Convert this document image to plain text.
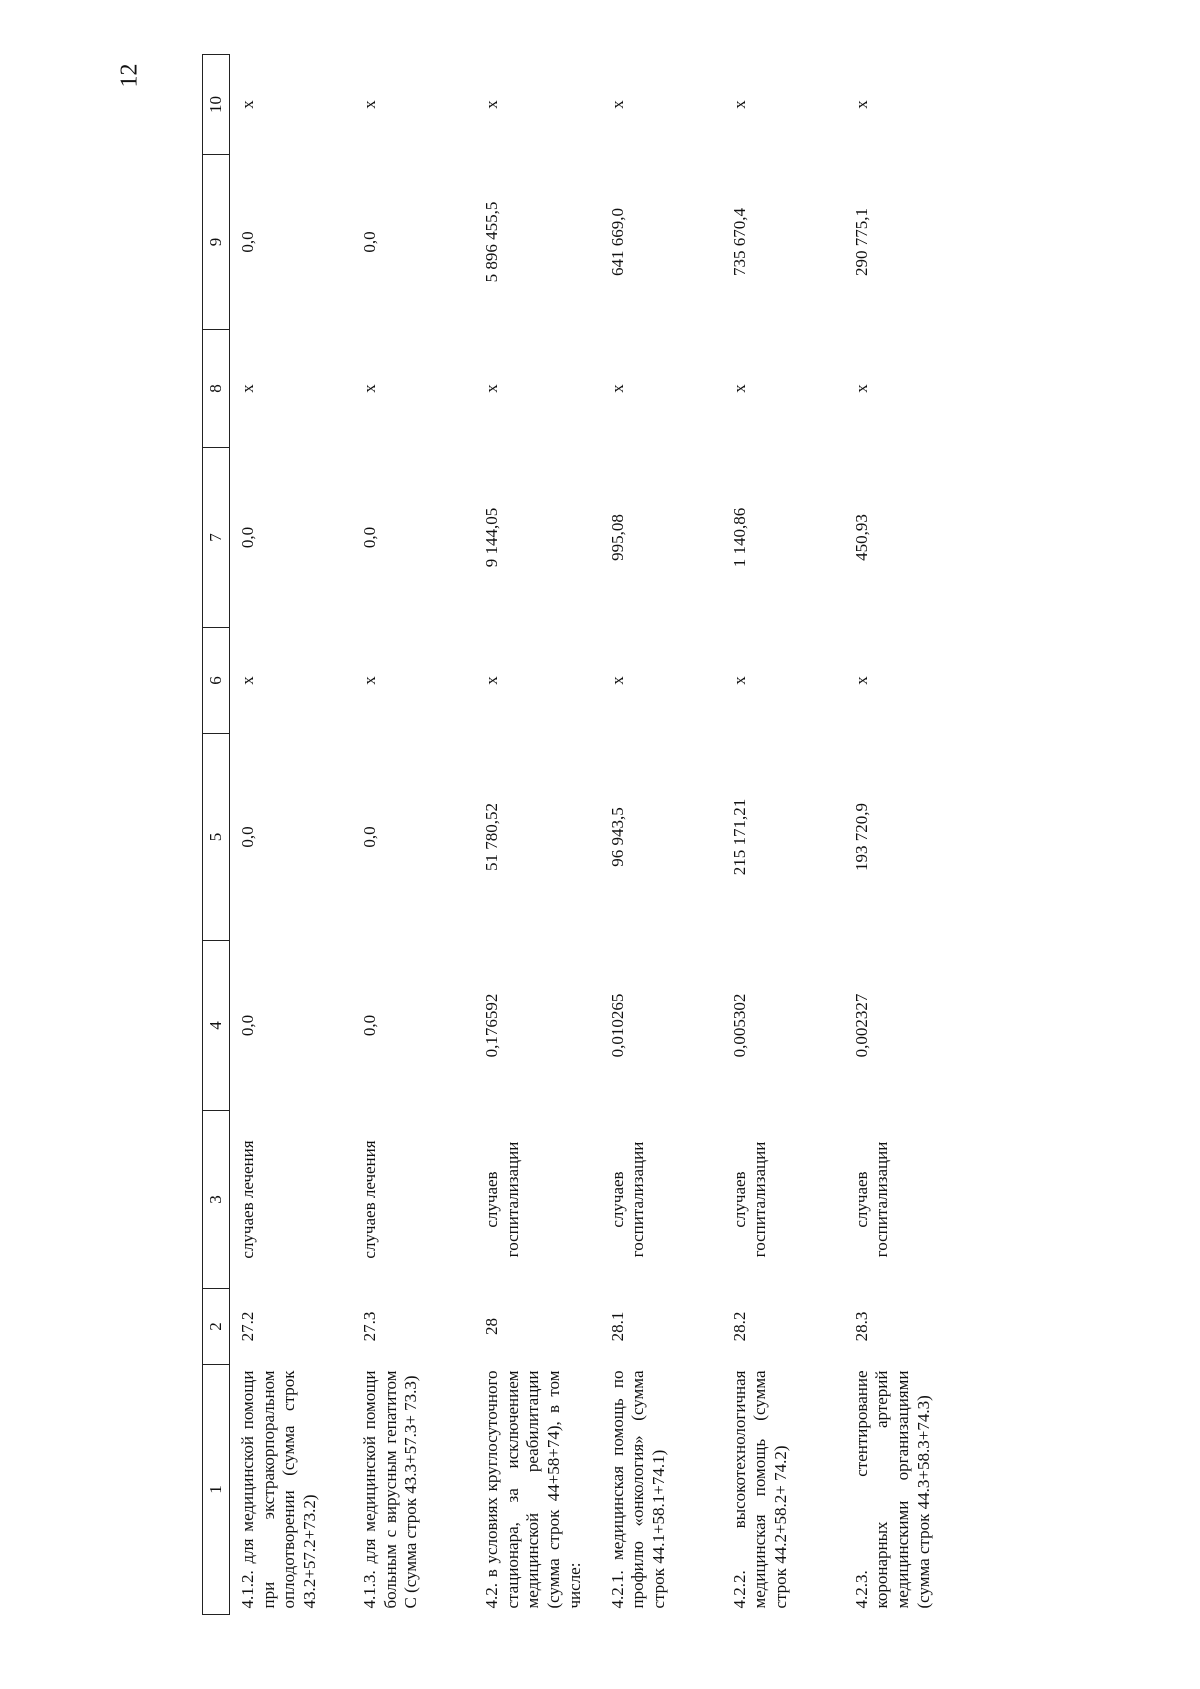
12
1	2	3	4	5	6	7	8	9	10
4.1.2. для медицинской помощи при экстракорпоральном оплодотворении (сумма строк 43.2+57.2+73.2)	27.2	случаев лечения	0,0	0,0	х	0,0	х	0,0	х
4.1.3. для медицинской помощи больным с вирусным гепатитом С (сумма строк 43.3+57.3+ 73.3)	27.3	случаев лечения	0,0	0,0	х	0,0	х	0,0	х
4.2. в условиях круглосуточного стационара, за исключением медицинской реабилитации (сумма строк 44+58+74), в том числе:	28	случаев госпитализации	0,176592	51 780,52	х	9 144,05	х	5 896 455,5	х
4.2.1. медицинская помощь по профилю «онкология» (сумма строк 44.1+58.1+74.1)	28.1	случаев госпитализации	0,010265	96 943,5	х	995,08	х	641 669,0	х
4.2.2. высокотехнологичная медицинская помощь (сумма строк 44.2+58.2+ 74.2)	28.2	случаев госпитализации	0,005302	215 171,21	х	1 140,86	х	735 670,4	х
4.2.3. стентирование коронарных артерий медицинскими организациями (сумма строк 44.3+58.3+74.3)	28.3	случаев госпитализации	0,002327	193 720,9	х	450,93	х	290 775,1	х
